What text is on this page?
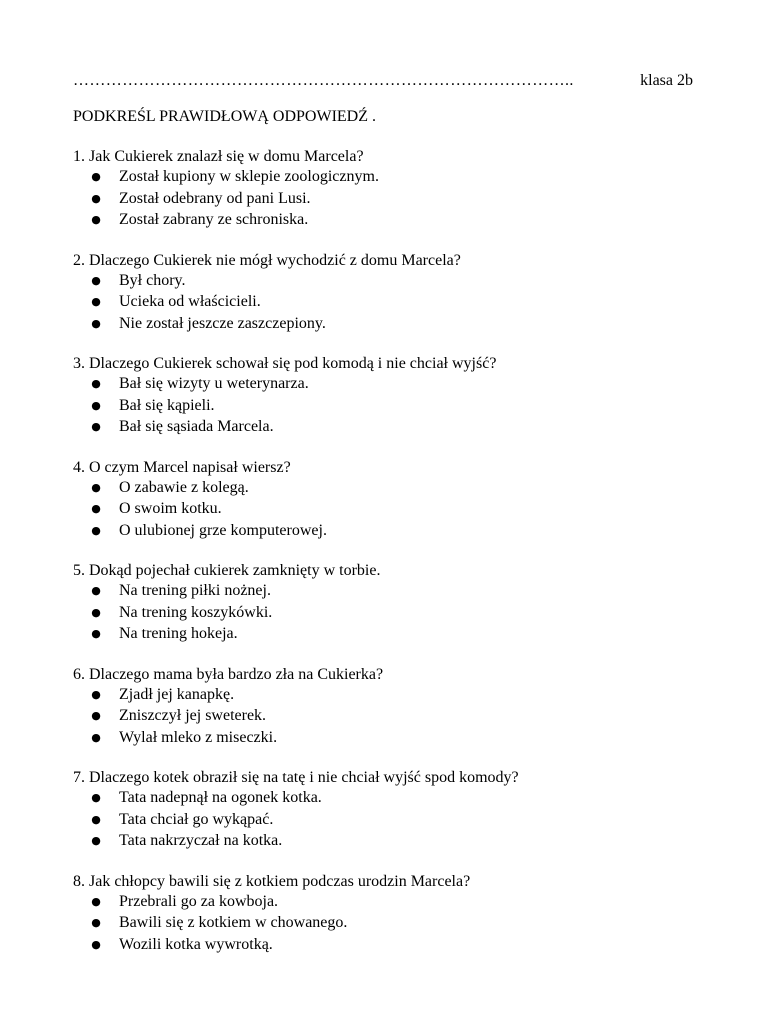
………………………………………………………………………………..	klasa 2b
PODKREŚL PRAWIDŁOWĄ ODPOWIEDŹ .
1. Jak Cukierek znalazł się w domu Marcela?
●	Został kupiony w sklepie zoologicznym.
●	Został odebrany od pani Lusi.
●	Został zabrany ze schroniska.
2. Dlaczego Cukierek nie mógł wychodzić z domu Marcela?
●	Był chory.
●	Ucieka od właścicieli.
●	Nie został jeszcze zaszczepiony.
3. Dlaczego Cukierek schował się pod komodą i nie chciał wyjść?
●	Bał się wizyty u weterynarza.
●	Bał się kąpieli.
●	Bał się sąsiada Marcela.
4. O czym Marcel napisał wiersz?
●	O zabawie z kolegą.
●	O swoim kotku.
●	O ulubionej grze komputerowej.
5. Dokąd pojechał cukierek zamknięty w torbie.
●	Na trening piłki nożnej.
●	Na trening koszykówki.
●	Na trening hokeja.
6. Dlaczego mama była bardzo zła na Cukierka?
●	Zjadł jej kanapkę.
●	Zniszczył jej sweterek.
●	Wylał mleko z miseczki.
7. Dlaczego kotek obraził się na tatę i nie chciał wyjść spod komody?
●	Tata nadepnął na ogonek kotka.
●	Tata chciał go wykąpać.
●	Tata nakrzyczał na kotka.
8. Jak chłopcy bawili się z kotkiem podczas urodzin Marcela?
●	Przebrali go za kowboja.
●	Bawili się z kotkiem w chowanego.
●	Wozili kotka wywrotką.
